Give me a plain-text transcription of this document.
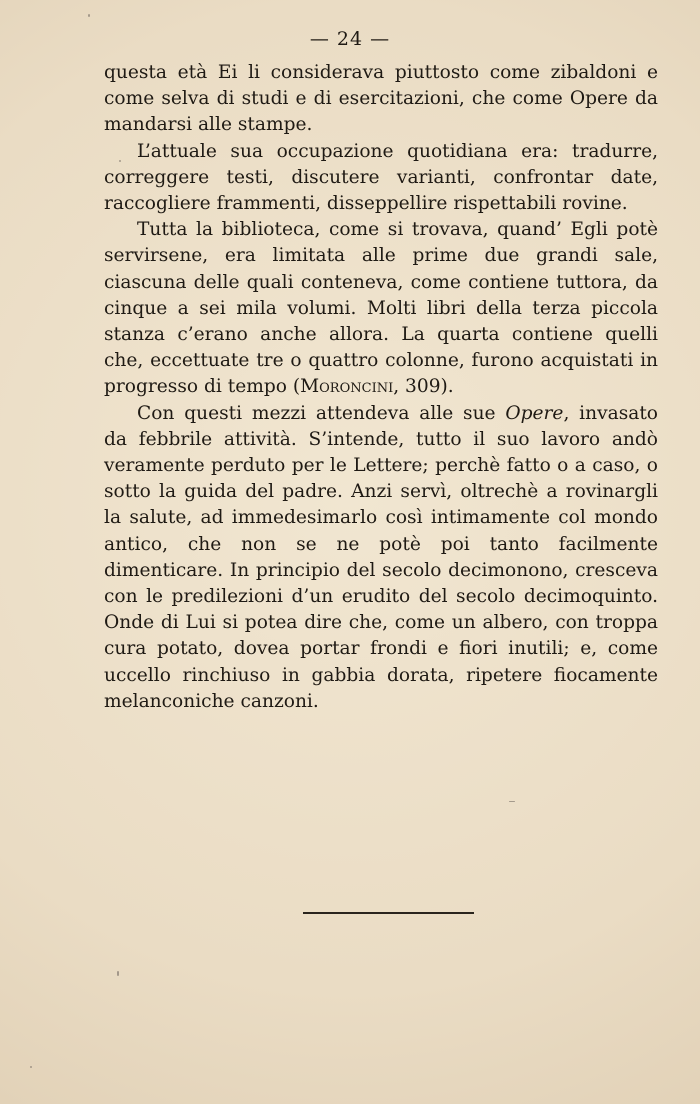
— 24 —

questa età Ei li considerava piuttosto come zibaldoni e come selva di studi e di esercitazioni, che come Opere da mandarsi alle stampe.

L’attuale sua occupazione quotidiana era: tradurre, correggere testi, discutere varianti, confrontar date, raccogliere frammenti, disseppellire rispettabili rovine.

Tutta la biblioteca, come si trovava, quand’ Egli potè servirsene, era limitata alle prime due grandi sale, ciascuna delle quali conteneva, come contiene tuttora, da cinque a sei mila volumi. Molti libri della terza piccola stanza c’erano anche allora. La quarta contiene quelli che, eccettuate tre o quattro colonne, furono acquistati in progresso di tempo (Moroncini, 309).

Con questi mezzi attendeva alle sue Opere, invasato da febbrile attività. S’intende, tutto il suo lavoro andò veramente perduto per le Lettere; perchè fatto o a caso, o sotto la guida del padre. Anzi servì, oltrechè a rovinargli la salute, ad immedesimarlo così intimamente col mondo antico, che non se ne potè poi tanto facilmente dimenticare. In principio del secolo decimonono, cresceva con le predilezioni d’un erudito del secolo decimoquinto. Onde di Lui si potea dire che, come un albero, con troppa cura potato, dovea portar frondi e fiori inutili; e, come uccello rinchiuso in gabbia dorata, ripetere fiocamente melanconiche canzoni.
